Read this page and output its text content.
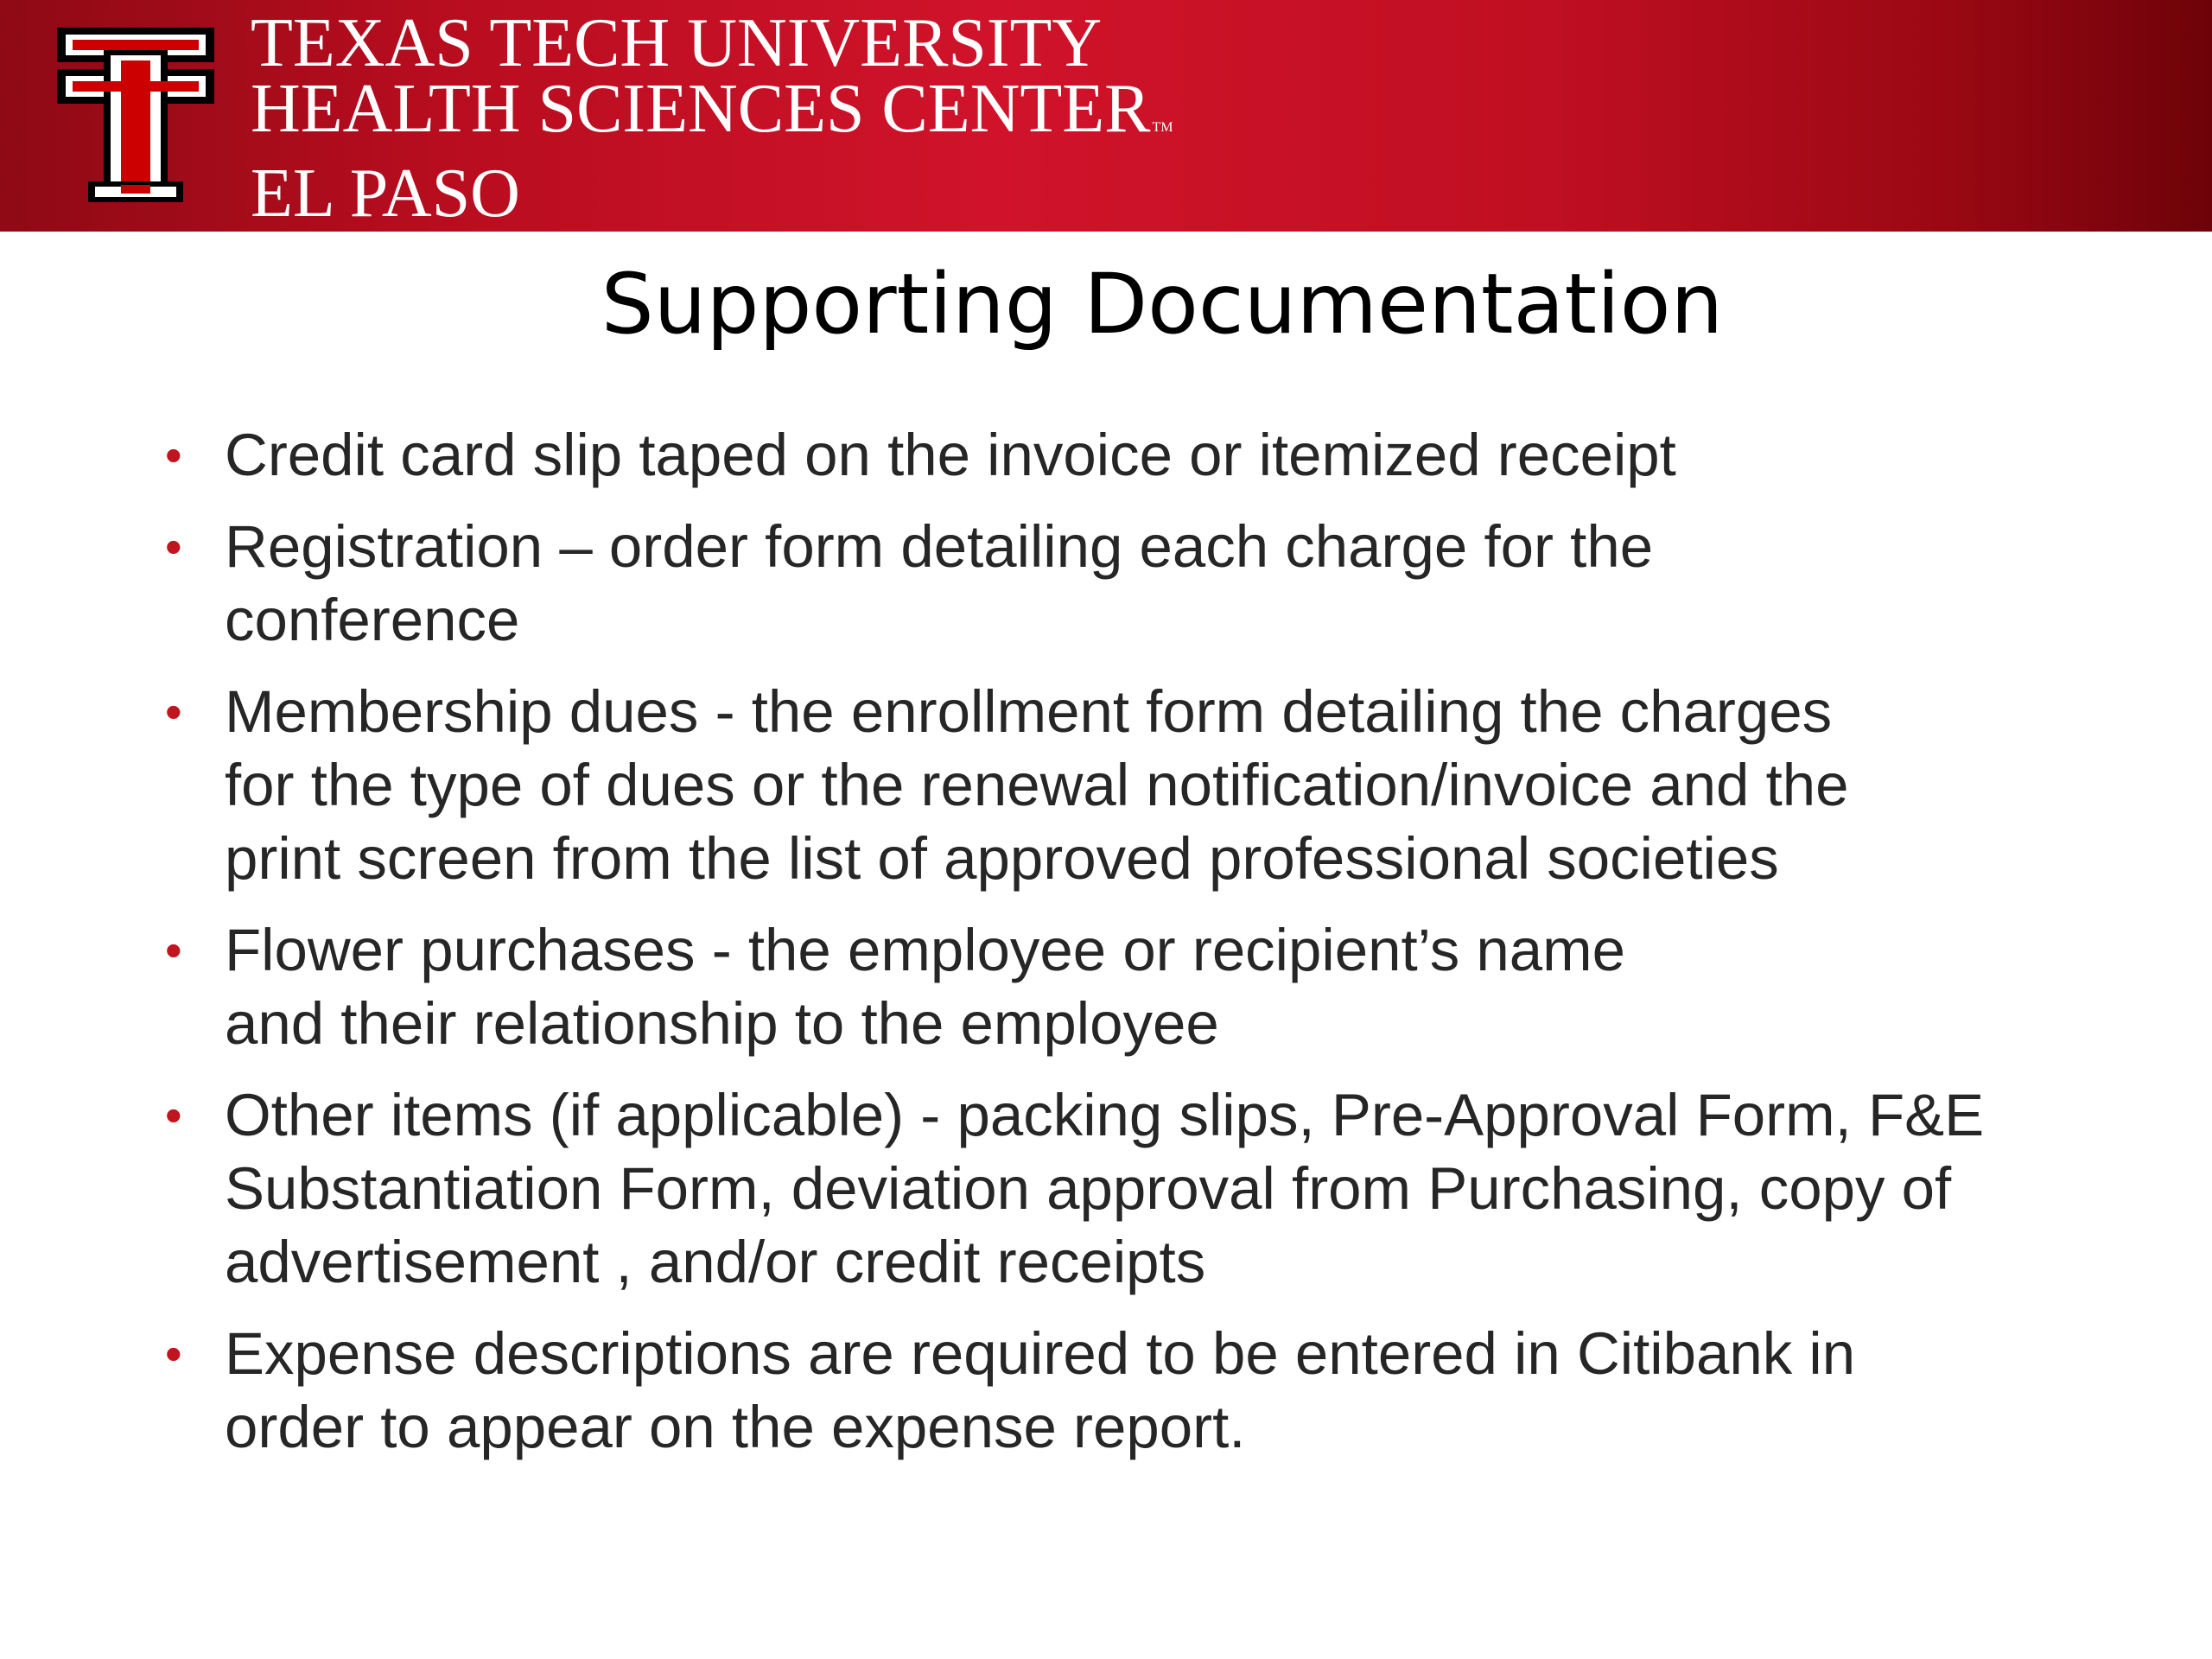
TEXAS TECH UNIVERSITY
HEALTH SCIENCES CENTER TM
EL PASO
Supporting Documentation
• Credit card slip taped on the invoice or itemized receipt
• Registration – order form detailing each charge for the
conference
• Membership dues - the enrollment form detailing the charges
for the type of dues or the renewal notification/invoice and the
print screen from the list of approved professional societies
• Flower purchases - the employee or recipient’s name
and their relationship to the employee
• Other items (if applicable) - packing slips, Pre-Approval Form, F&E
Substantiation Form, deviation approval from Purchasing, copy of
advertisement , and/or credit receipts
• Expense descriptions are required to be entered in Citibank in
order to appear on the expense report.
